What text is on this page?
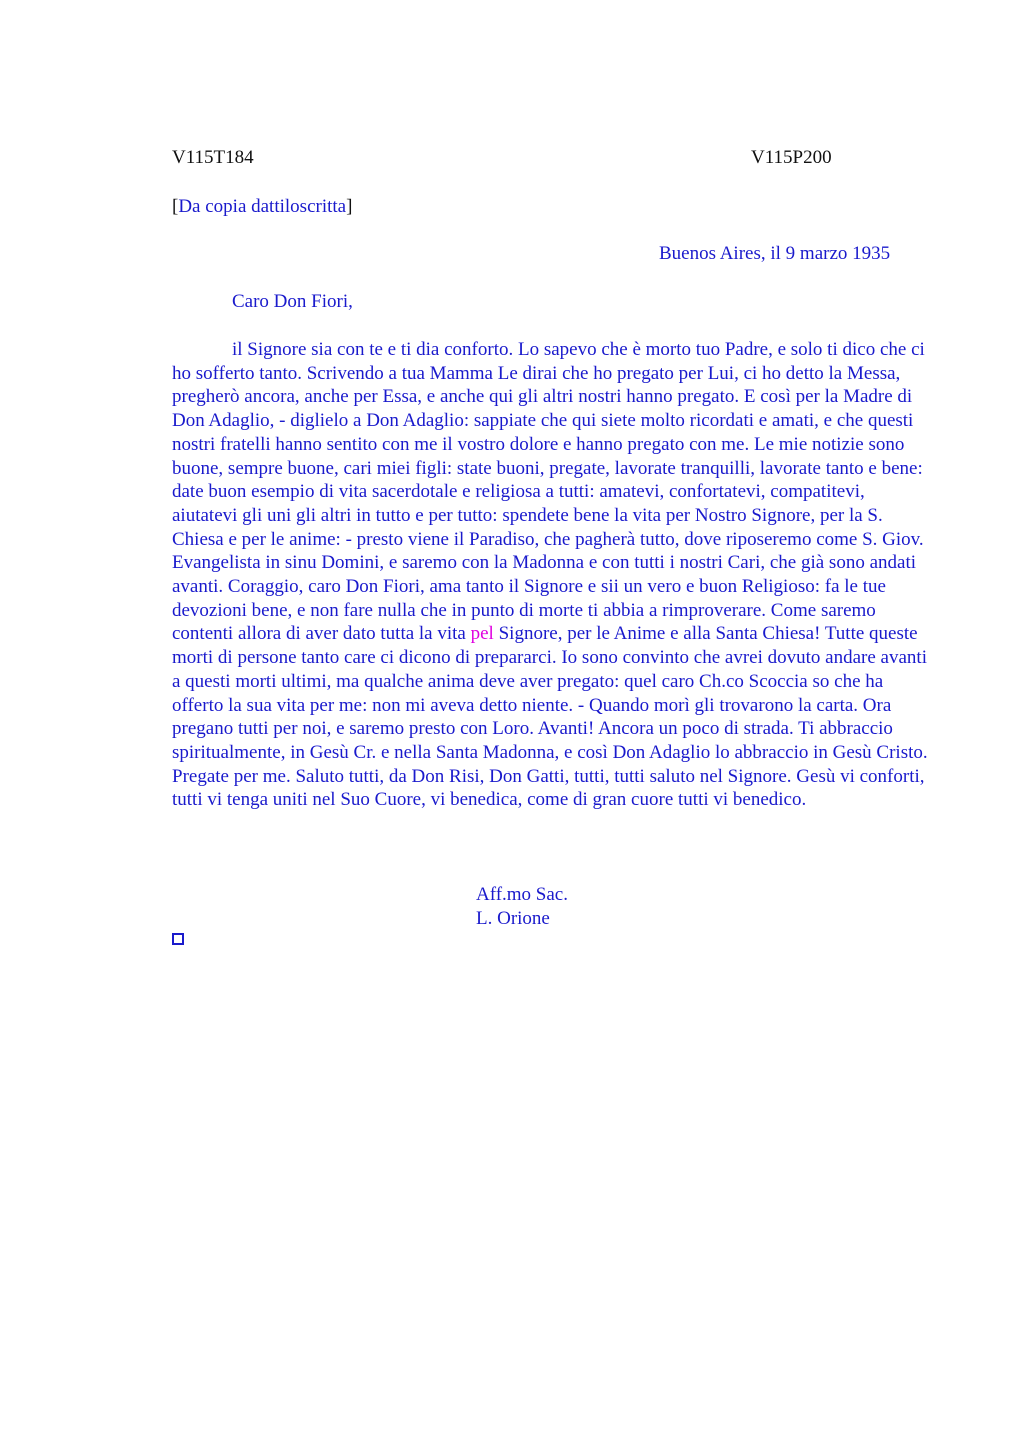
V115T184	V115P200
[Da copia dattiloscritta]
Buenos Aires, il 9 marzo 1935
Caro Don Fiori,
il Signore sia con te e ti dia conforto. Lo sapevo che è morto tuo Padre, e solo ti dico che ci ho sofferto tanto. Scrivendo a tua Mamma Le dirai che ho pregato per Lui, ci ho detto la Messa, pregherò ancora, anche per Essa, e anche qui gli altri nostri hanno pregato. E così per la Madre di Don Adaglio, - diglielo a Don Adaglio: sappiate che qui siete molto ricordati e amati, e che questi nostri fratelli hanno sentito con me il vostro dolore e hanno pregato con me. Le mie notizie sono buone, sempre buone, cari miei figli: state buoni, pregate, lavorate tranquilli, lavorate tanto e bene: date buon esempio di vita sacerdotale e religiosa a tutti: amatevi, confortatevi, compatitevi, aiutatevi gli uni gli altri in tutto e per tutto: spendete bene la vita per Nostro Signore, per la S. Chiesa e per le anime: - presto viene il Paradiso, che pagherà tutto, dove riposeremo come S. Giov. Evangelista in sinu Domini, e saremo con la Madonna e con tutti i nostri Cari, che già sono andati avanti. Coraggio, caro Don Fiori, ama tanto il Signore e sii un vero e buon Religioso: fa le tue devozioni bene, e non fare nulla che in punto di morte ti abbia a rimproverare. Come saremo contenti allora di aver dato tutta la vita pel Signore, per le Anime e alla Santa Chiesa! Tutte queste morti di persone tanto care ci dicono di prepararci. Io sono convinto che avrei dovuto andare avanti a questi morti ultimi, ma qualche anima deve aver pregato: quel caro Ch.co Scoccia so che ha offerto la sua vita per me: non mi aveva detto niente. - Quando morì gli trovarono la carta. Ora pregano tutti per noi, e saremo presto con Loro. Avanti! Ancora un poco di strada. Ti abbraccio spiritualmente, in Gesù Cr. e nella Santa Madonna, e così Don Adaglio lo abbraccio in Gesù Cristo. Pregate per me. Saluto tutti, da Don Risi, Don Gatti, tutti, tutti saluto nel Signore. Gesù vi conforti, tutti vi tenga uniti nel Suo Cuore, vi benedica, come di gran cuore tutti vi benedico.
Aff.mo Sac.
L. Orione
